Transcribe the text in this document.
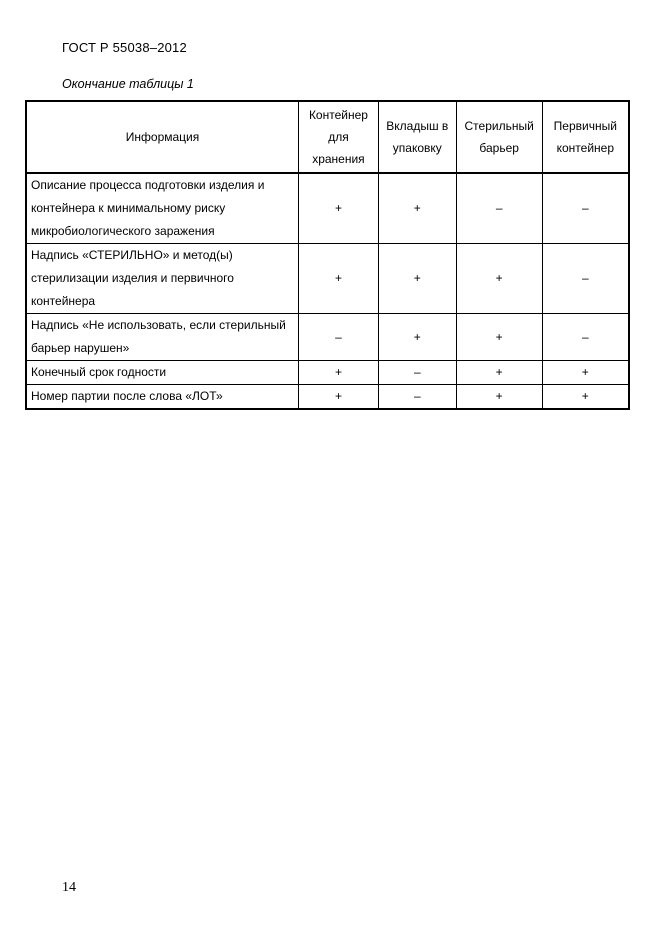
ГОСТ Р 55038–2012
Окончание таблицы 1
Информация	Контейнер для хранения	Вкладыш в упаковку	Стерильный барьер	Первичный контейнер
Описание процесса подготовки изделия и контейнера к минимальному риску микробиологического заражения	+	+	–	–
Надпись «СТЕРИЛЬНО» и метод(ы) стерилизации изделия и первичного контейнера	+	+	+	–
Надпись «Не использовать, если стерильный барьер нарушен»	–	+	+	–
Конечный срок годности	+	–	+	+
Номер партии после слова «ЛОТ»	+	–	+	+
14
